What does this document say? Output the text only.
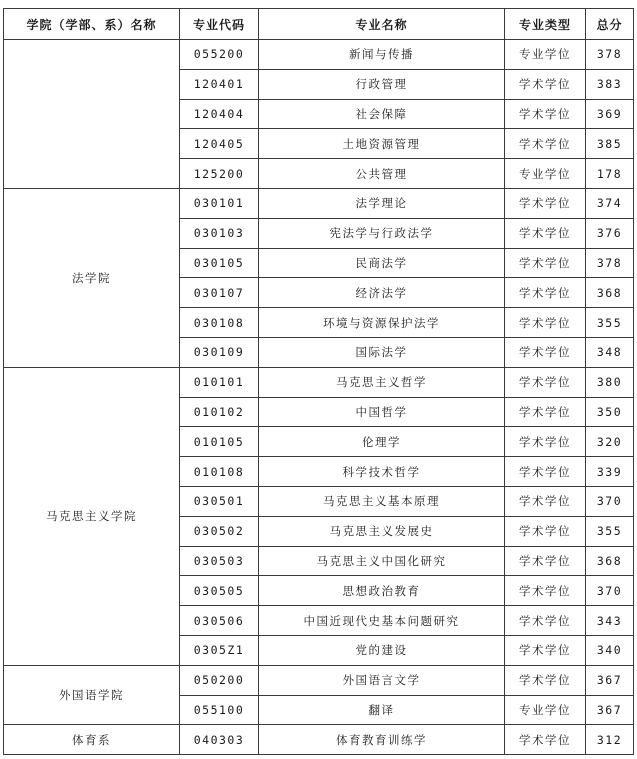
学院（学部、系）名称	专业代码	专业名称	专业类型	总分
	055200	新闻与传播	专业学位	378
	120401	行政管理	学术学位	383
	120404	社会保障	学术学位	369
	120405	土地资源管理	学术学位	385
	125200	公共管理	专业学位	178
法学院	030101	法学理论	学术学位	374
	030103	宪法学与行政法学	学术学位	376
	030105	民商法学	学术学位	378
	030107	经济法学	学术学位	368
	030108	环境与资源保护法学	学术学位	355
	030109	国际法学	学术学位	348
马克思主义学院	010101	马克思主义哲学	学术学位	380
	010102	中国哲学	学术学位	350
	010105	伦理学	学术学位	320
	010108	科学技术哲学	学术学位	339
	030501	马克思主义基本原理	学术学位	370
	030502	马克思主义发展史	学术学位	355
	030503	马克思主义中国化研究	学术学位	368
	030505	思想政治教育	学术学位	370
	030506	中国近现代史基本问题研究	学术学位	343
	0305Z1	党的建设	学术学位	340
外国语学院	050200	外国语言文学	学术学位	367
	055100	翻译	专业学位	367
体育系	040303	体育教育训练学	学术学位	312
